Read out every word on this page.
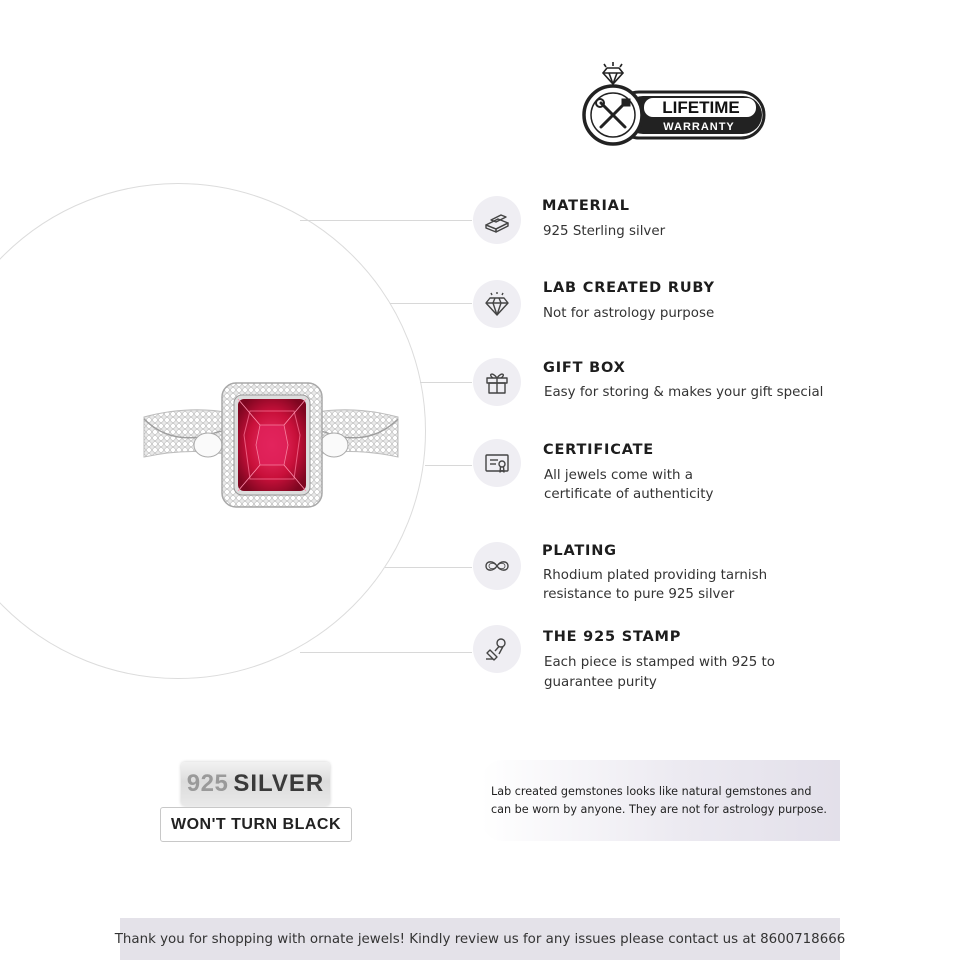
LIFETIME
WARRANTY
MATERIAL
925 Sterling silver
LAB CREATED RUBY
Not for astrology purpose
GIFT BOX
Easy for storing & makes your gift special
CERTIFICATE
All jewels come with a
certificate of authenticity
PLATING
Rhodium plated providing tarnish
resistance to pure 925 silver
THE 925 STAMP
Each piece is stamped with 925 to
guarantee purity
925 SILVER
WON'T TURN BLACK
Lab created gemstones looks like natural gemstones and
can be worn by anyone. They are not for astrology purpose.
Thank you for shopping with ornate jewels! Kindly review us for any issues please contact us at 8600718666
